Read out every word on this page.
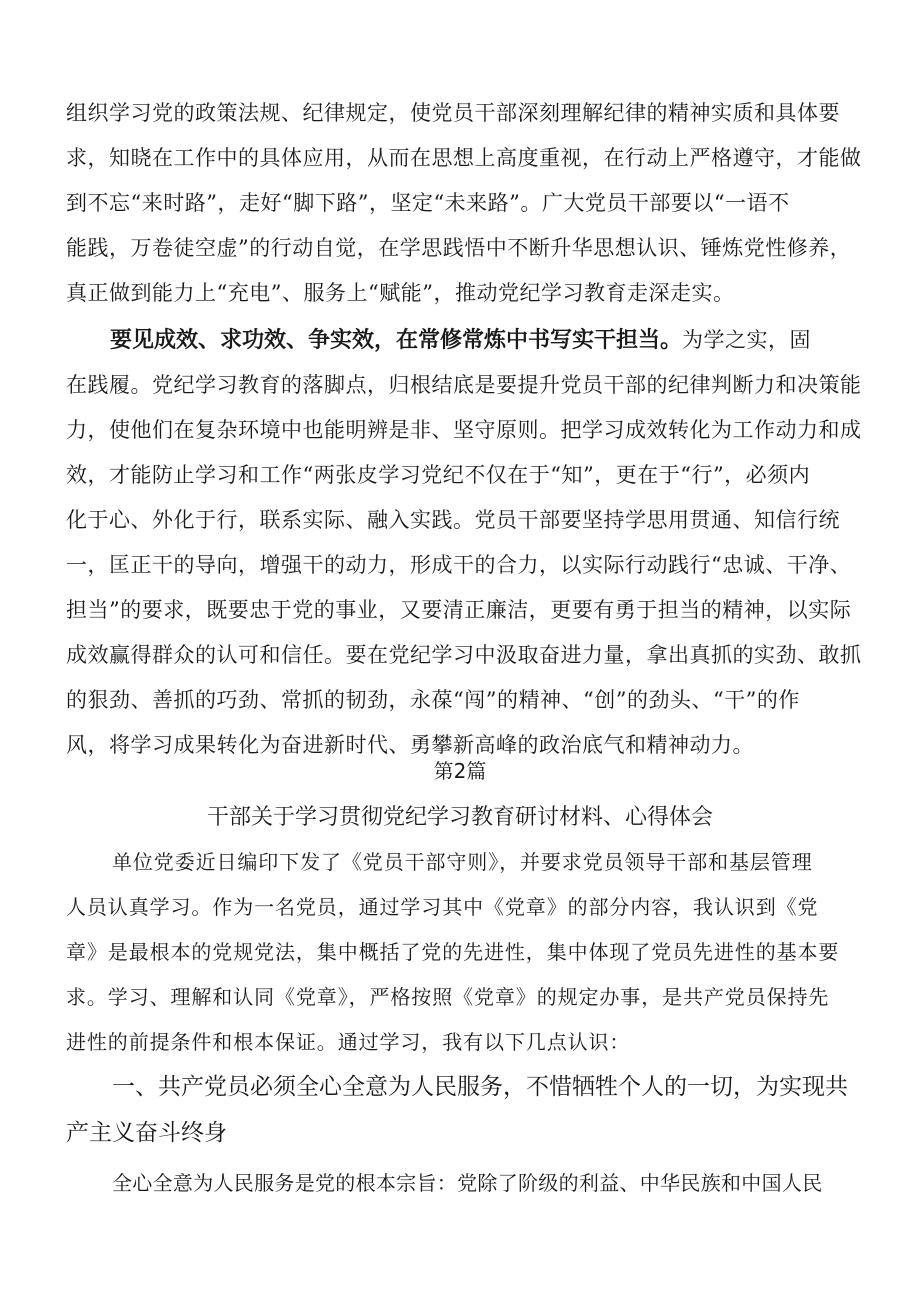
组织学习党的政策法规、纪律规定，使党员干部深刻理解纪律的精神实质和具体要
求，知晓在工作中的具体应用，从而在思想上高度重视，在行动上严格遵守，才能做
到不忘“来时路”，走好“脚下路”，坚定“未来路”。广大党员干部要以“一语不
能践，万卷徒空虚”的行动自觉，在学思践悟中不断升华思想认识、锤炼党性修养，
真正做到能力上“充电”、服务上“赋能”，推动党纪学习教育走深走实。
要见成效、求功效、争实效，在常修常炼中书写实干担当。为学之实，固
在践履。党纪学习教育的落脚点，归根结底是要提升党员干部的纪律判断力和决策能
力，使他们在复杂环境中也能明辨是非、坚守原则。把学习成效转化为工作动力和成
效，才能防止学习和工作“两张皮学习党纪不仅在于“知”，更在于“行”，必须内
化于心、外化于行，联系实际、融入实践。党员干部要坚持学思用贯通、知信行统
一，匡正干的导向，增强干的动力，形成干的合力，以实际行动践行“忠诚、干净、
担当”的要求，既要忠于党的事业，又要清正廉洁，更要有勇于担当的精神，以实际
成效赢得群众的认可和信任。要在党纪学习中汲取奋进力量，拿出真抓的实劲、敢抓
的狠劲、善抓的巧劲、常抓的韧劲，永葆“闯”的精神、“创”的劲头、“干”的作
风，将学习成果转化为奋进新时代、勇攀新高峰的政治底气和精神动力。
第2篇
干部关于学习贯彻党纪学习教育研讨材料、心得体会
单位党委近日编印下发了《党员干部守则》，并要求党员领导干部和基层管理
人员认真学习。作为一名党员，通过学习其中《党章》的部分内容，我认识到《党
章》是最根本的党规党法，集中概括了党的先进性，集中体现了党员先进性的基本要
求。学习、理解和认同《党章》，严格按照《党章》的规定办事，是共产党员保持先
进性的前提条件和根本保证。通过学习，我有以下几点认识：
一、共产党员必须全心全意为人民服务，不惜牺牲个人的一切，为实现共
产主义奋斗终身
全心全意为人民服务是党的根本宗旨：党除了阶级的利益、中华民族和中国人民
